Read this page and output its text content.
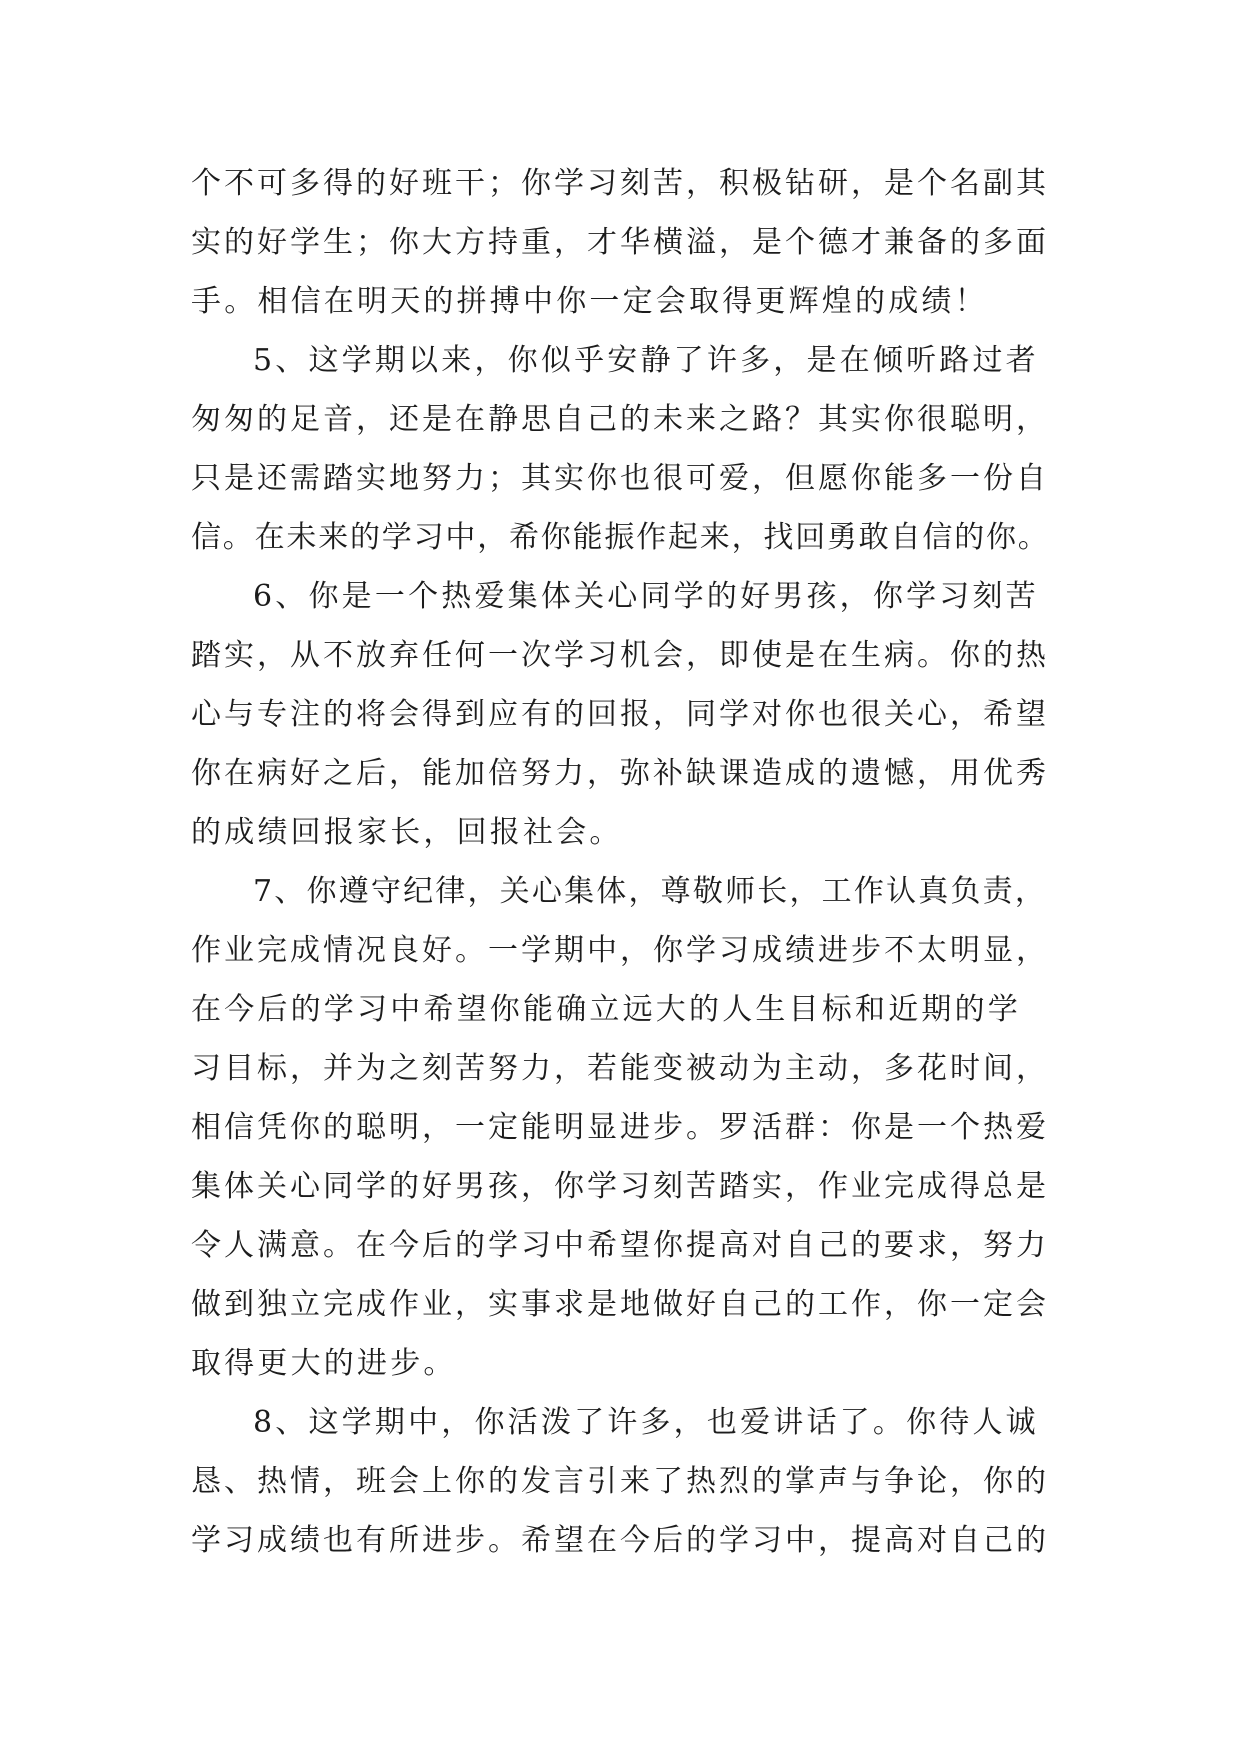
个不可多得的好班干；你学习刻苦，积极钻研，是个名副其
实的好学生；你大方持重，才华横溢，是个德才兼备的多面
手。相信在明天的拼搏中你一定会取得更辉煌的成绩！
5、这学期以来，你似乎安静了许多，是在倾听路过者
匆匆的足音，还是在静思自己的未来之路？其实你很聪明，
只是还需踏实地努力；其实你也很可爱，但愿你能多一份自
信。在未来的学习中，希你能振作起来，找回勇敢自信的你。
6、你是一个热爱集体关心同学的好男孩，你学习刻苦
踏实，从不放弃任何一次学习机会，即使是在生病。你的热
心与专注的将会得到应有的回报，同学对你也很关心，希望
你在病好之后，能加倍努力，弥补缺课造成的遗憾，用优秀
的成绩回报家长，回报社会。
7、你遵守纪律，关心集体，尊敬师长，工作认真负责，
作业完成情况良好。一学期中，你学习成绩进步不太明显，
在今后的学习中希望你能确立远大的人生目标和近期的学
习目标，并为之刻苦努力，若能变被动为主动，多花时间，
相信凭你的聪明，一定能明显进步。罗活群：你是一个热爱
集体关心同学的好男孩，你学习刻苦踏实，作业完成得总是
令人满意。在今后的学习中希望你提高对自己的要求，努力
做到独立完成作业，实事求是地做好自己的工作，你一定会
取得更大的进步。
8、这学期中，你活泼了许多，也爱讲话了。你待人诚
恳、热情，班会上你的发言引来了热烈的掌声与争论，你的
学习成绩也有所进步。希望在今后的学习中，提高对自己的
